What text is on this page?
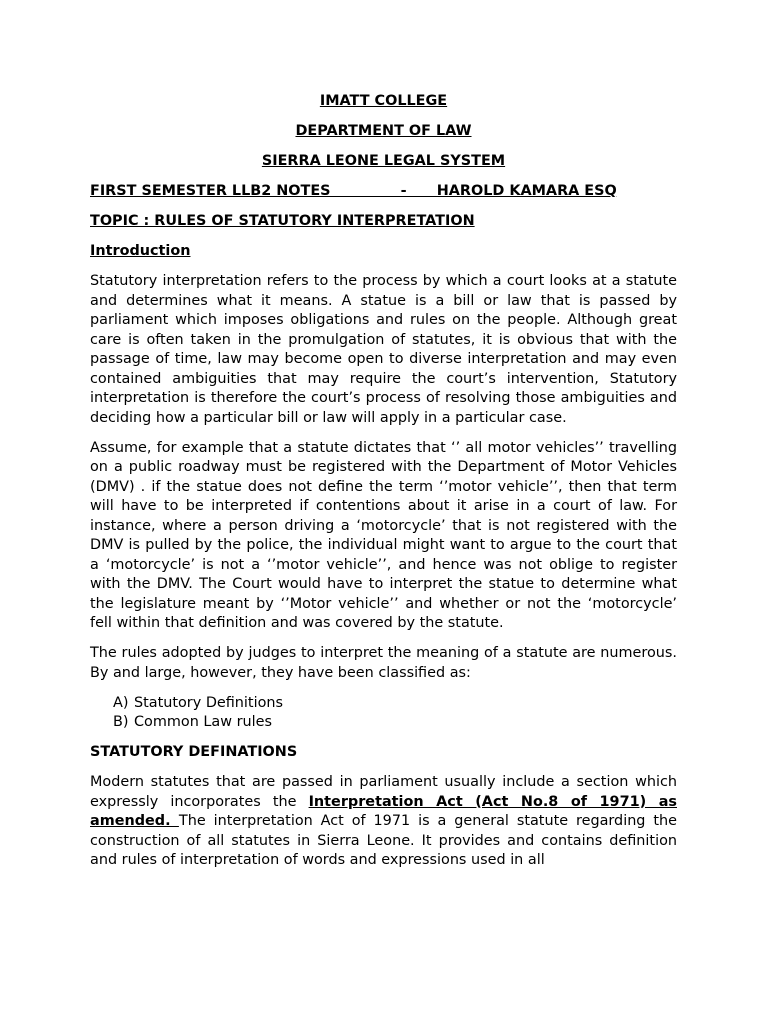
IMATT COLLEGE
DEPARTMENT OF LAW
SIERRA LEONE LEGAL SYSTEM
FIRST SEMESTER LLB2 NOTES              -      HAROLD KAMARA ESQ
TOPIC : RULES OF STATUTORY INTERPRETATION
Introduction

Statutory interpretation refers to the process by which a court looks at a statute and determines what it means. A statue is a bill or law that is passed by parliament which imposes obligations and rules on the people. Although great care is often taken in the promulgation of statutes, it is obvious that with the passage of time, law may become open to diverse interpretation and may even contained ambiguities that may require the court’s intervention, Statutory interpretation is therefore the court’s process of resolving those ambiguities and deciding how a particular bill or law will apply in a particular case.

Assume, for example that a statute dictates that ‘’ all motor vehicles’’ travelling on a public roadway must be registered with the Department of Motor Vehicles (DMV) . if the statue does not define the term ‘’motor vehicle’’, then that term will have to be interpreted if contentions about it arise in a court of law. For instance, where a person driving a ‘motorcycle’ that is not registered with the DMV is pulled by the police, the individual might want to argue to the court that a ‘motorcycle’ is not a ‘’motor vehicle’’, and hence was not oblige to register with the DMV. The Court would have to interpret the statue to determine what the legislature meant by ‘’Motor vehicle’’ and whether or not the ‘motorcycle’ fell within that definition and was covered by the statute.

The rules adopted by judges to interpret the meaning of a statute are numerous. By and large, however, they have been classified as:

A) Statutory Definitions
B) Common Law rules
STATUTORY DEFINATIONS

Modern statutes that are passed in parliament usually include a section which expressly incorporates the Interpretation Act (Act No.8 of 1971) as amended. The interpretation Act of 1971 is a general statute regarding the construction of all statutes in Sierra Leone. It provides and contains definition and rules of interpretation of words and expressions used in all
